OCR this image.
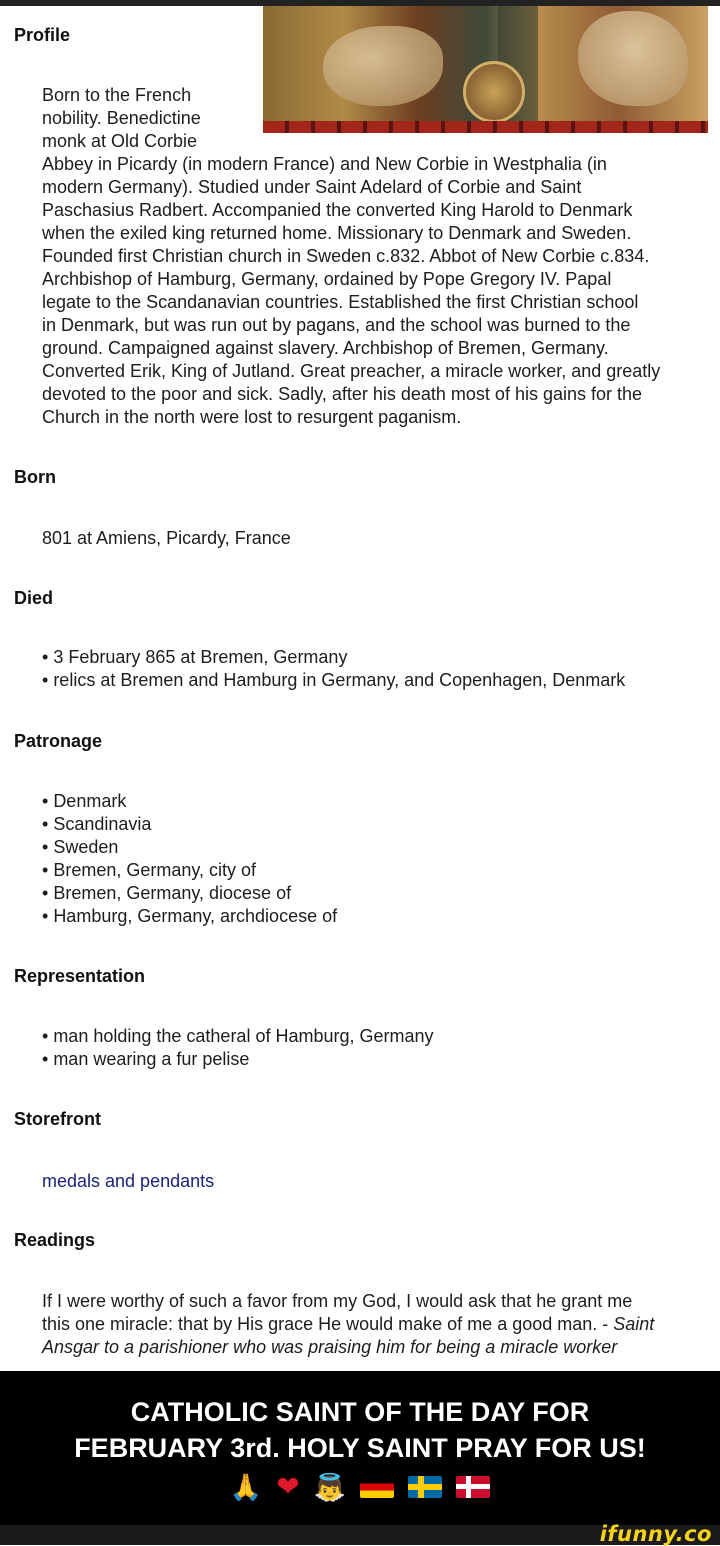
Profile
Born to the French
nobility. Benedictine
monk at Old Corbie
Abbey in Picardy (in modern France) and New Corbie in Westphalia (in
modern Germany). Studied under Saint Adelard of Corbie and Saint
Paschasius Radbert. Accompanied the converted King Harold to Denmark
when the exiled king returned home. Missionary to Denmark and Sweden.
Founded first Christian church in Sweden c.832. Abbot of New Corbie c.834.
Archbishop of Hamburg, Germany, ordained by Pope Gregory IV. Papal
legate to the Scandanavian countries. Established the first Christian school
in Denmark, but was run out by pagans, and the school was burned to the
ground. Campaigned against slavery. Archbishop of Bremen, Germany.
Converted Erik, King of Jutland. Great preacher, a miracle worker, and greatly
devoted to the poor and sick. Sadly, after his death most of his gains for the
Church in the north were lost to resurgent paganism.
Born
801 at Amiens, Picardy, France
Died
• 3 February 865 at Bremen, Germany
• relics at Bremen and Hamburg in Germany, and Copenhagen, Denmark
Patronage
• Denmark
• Scandinavia
• Sweden
• Bremen, Germany, city of
• Bremen, Germany, diocese of
• Hamburg, Germany, archdiocese of
Representation
• man holding the catheral of Hamburg, Germany
• man wearing a fur pelise
Storefront
medals and pendants
Readings
If I were worthy of such a favor from my God, I would ask that he grant me
this one miracle: that by His grace He would make of me a good man. - Saint
Ansgar to a parishioner who was praising him for being a miracle worker
CATHOLIC SAINT OF THE DAY FOR
FEBRUARY 3rd. HOLY SAINT PRAY FOR US!
🙏 ❤ 👼
ifunny.co
